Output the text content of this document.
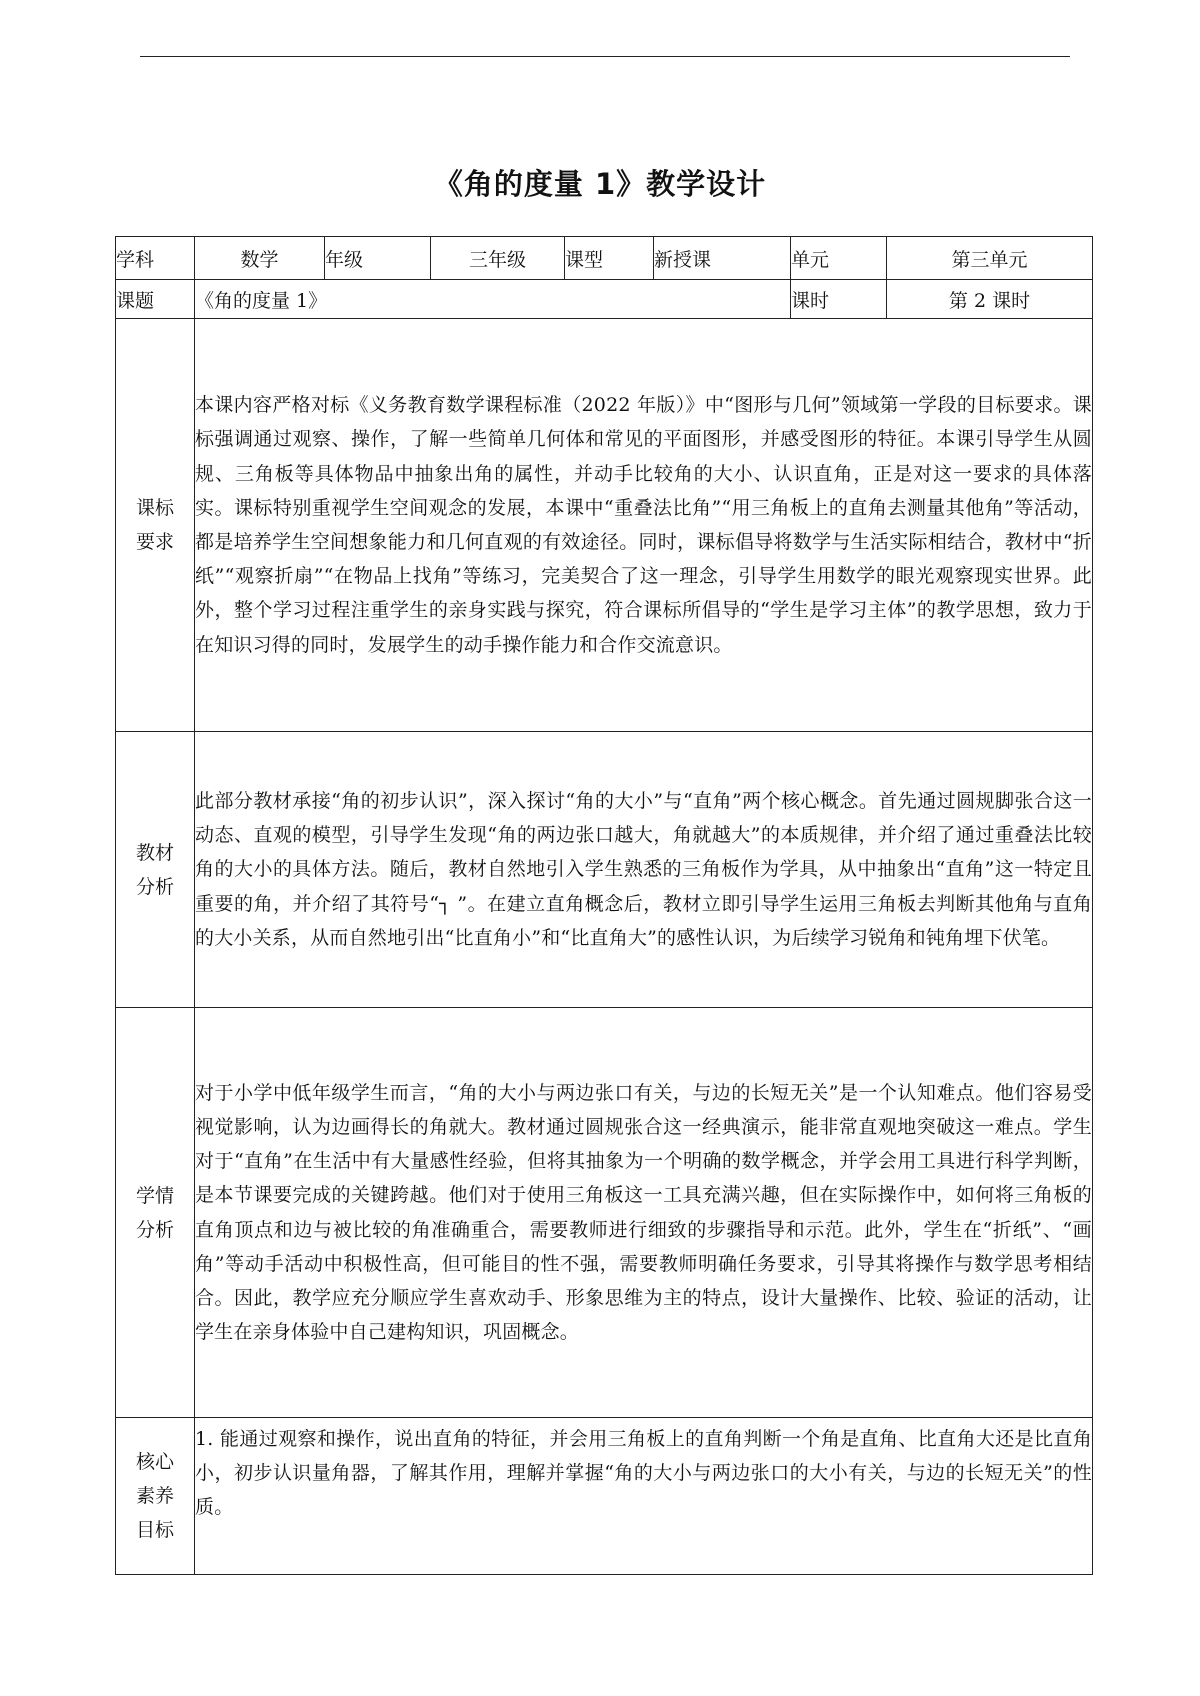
《角的度量 1》教学设计
学科	数学	年级	三年级	课型	新授课	单元	第三单元
课题	《角的度量 1》					课时	第 2 课时

课标要求	本课内容严格对标《义务教育数学课程标准（2022 年版）》中“图形与几何”领域第一学段的目标要求。课标强调通过观察、操作，了解一些简单几何体和常见的平面图形，并感受图形的特征。本课引导学生从圆规、三角板等具体物品中抽象出角的属性，并动手比较角的大小、认识直角，正是对这一要求的具体落实。课标特别重视学生空间观念的发展，本课中“重叠法比角”“用三角板上的直角去测量其他角”等活动，都是培养学生空间想象能力和几何直观的有效途径。同时，课标倡导将数学与生活实际相结合，教材中“折纸”“观察折扇”“在物品上找角”等练习，完美契合了这一理念，引导学生用数学的眼光观察现实世界。此外，整个学习过程注重学生的亲身实践与探究，符合课标所倡导的“学生是学习主体”的教学思想，致力于在知识习得的同时，发展学生的动手操作能力和合作交流意识。						

教材分析	此部分教材承接“角的初步认识”，深入探讨“角的大小”与“直角”两个核心概念。首先通过圆规脚张合这一动态、直观的模型，引导学生发现“角的两边张口越大，角就越大”的本质规律，并介绍了通过重叠法比较角的大小的具体方法。随后，教材自然地引入学生熟悉的三角板作为学具，从中抽象出“直角”这一特定且重要的角，并介绍了其符号“┐ ”。在建立直角概念后，教材立即引导学生运用三角板去判断其他角与直角的大小关系，从而自然地引出“比直角小”和“比直角大”的感性认识，为后续学习锐角和钝角埋下伏笔。						

学情分析	对于小学中低年级学生而言，“角的大小与两边张口有关，与边的长短无关”是一个认知难点。他们容易受视觉影响，认为边画得长的角就大。教材通过圆规张合这一经典演示，能非常直观地突破这一难点。学生对于“直角”在生活中有大量感性经验，但将其抽象为一个明确的数学概念，并学会用工具进行科学判断，是本节课要完成的关键跨越。他们对于使用三角板这一工具充满兴趣，但在实际操作中，如何将三角板的直角顶点和边与被比较的角准确重合，需要教师进行细致的步骤指导和示范。此外，学生在“折纸”、“画角”等动手活动中积极性高，但可能目的性不强，需要教师明确任务要求，引导其将操作与数学思考相结合。因此，教学应充分顺应学生喜欢动手、形象思维为主的特点，设计大量操作、比较、验证的活动，让学生在亲身体验中自己建构知识，巩固概念。						

核心素养目标	1. 能通过观察和操作，说出直角的特征，并会用三角板上的直角判断一个角是直角、比直角大还是比直角小，初步认识量角器，了解其作用，理解并掌握“角的大小与两边张口的大小有关，与边的长短无关”的性质。						
